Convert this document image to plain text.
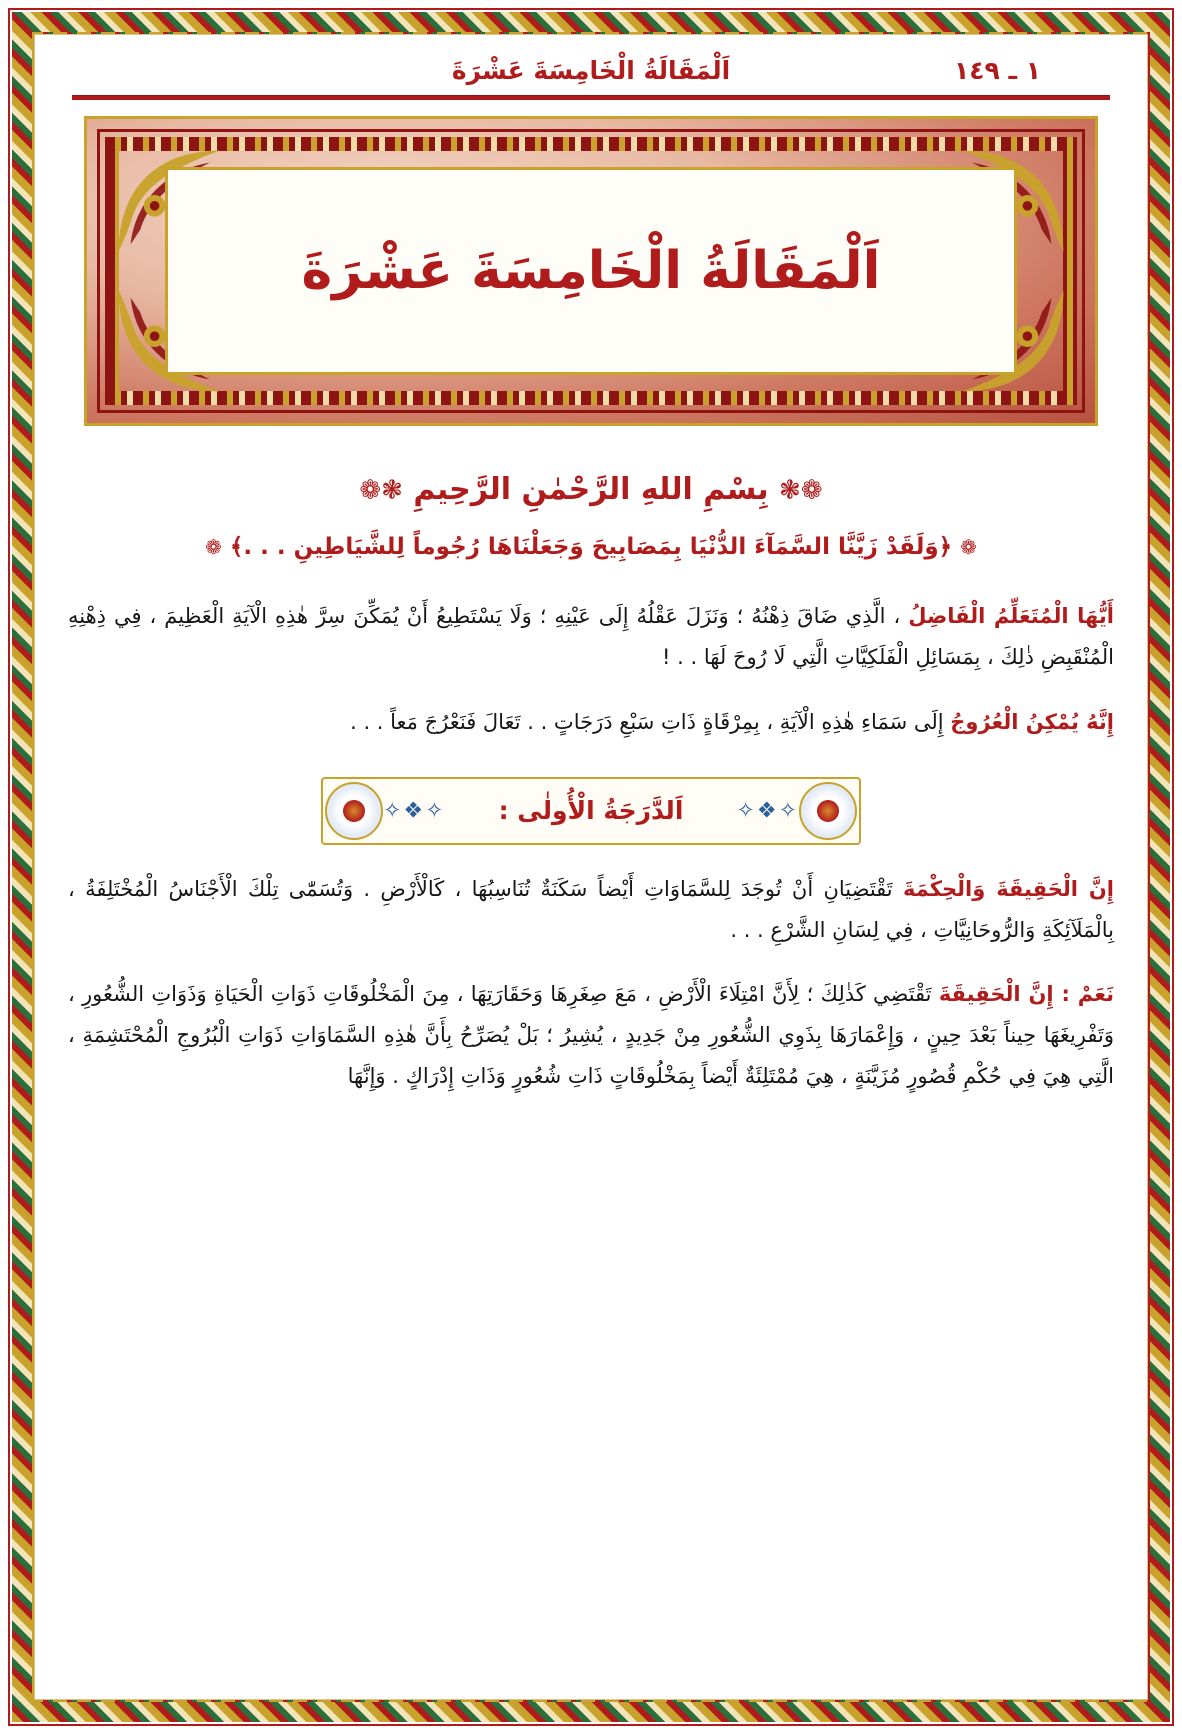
١ ـ ١٤٩
اَلْمَقَالَةُ الْخَامِسَةَ عَشْرَةَ
اَلْمَقَالَةُ الْخَامِسَةَ عَشْرَةَ
❁❃ بِسْمِ اللهِ الرَّحْمٰنِ الرَّحِيمِ ❃❁
❁ ﴿وَلَقَدْ زَيَّنَّا السَّمَآءَ الدُّنْيَا بِمَصَابِيحَ وَجَعَلْنَاهَا رُجُوماً لِلشَّيَاطِينِ . . .﴾ ❁

أَيُّهَا الْمُتَعَلِّمُ الْفَاضِلُ ، الَّذِي ضَاقَ ذِهْنُهُ ؛ وَنَزَلَ عَقْلُهُ إِلَى عَيْنِهِ ؛ وَلَا يَسْتَطِيعُ أَنْ يُمَكِّنَ سِرَّ هٰذِهِ الْآيَةِ الْعَظِيمَ ، فِي ذِهْنِهِ الْمُنْقَبِضِ ذٰلِكَ ، بِمَسَائِلِ الْفَلَكِيَّاتِ الَّتِي لَا رُوحَ لَهَا . . !

إِنَّهُ يُمْكِنُ الْعُرُوجُ إِلَى سَمَاءِ هٰذِهِ الْآيَةِ ، بِمِرْقَاةٍ ذَاتِ سَبْعِ دَرَجَاتٍ . . تَعَالَ فَنَعْرُجَ مَعاً . . .

✧❖✧
اَلدَّرَجَةُ الْأُولٰى :
✧❖✧

إِنَّ الْحَقِيقَةَ وَالْحِكْمَةَ تَقْتَضِيَانِ أَنْ تُوجَدَ لِلسَّمَاوَاتِ أَيْضاً سَكَنَةٌ تُنَاسِبُهَا ، كَالْأَرْضِ . وَتُسَمّٰى تِلْكَ الْأَجْنَاسُ الْمُخْتَلِفَةُ ، بِالْمَلَآئِكَةِ وَالرُّوحَانِيَّاتِ ، فِي لِسَانِ الشَّرْعِ . . .

نَعَمْ : إِنَّ الْحَقِيقَةَ تَقْتَضِي كَذٰلِكَ ؛ لِأَنَّ امْتِلَاءَ الْأَرْضِ ، مَعَ صِغَرِهَا وَحَقَارَتِهَا ، مِنَ الْمَخْلُوقَاتِ ذَوَاتِ الْحَيَاةِ وَذَوَاتِ الشُّعُورِ ، وَتَفْرِيغَهَا حِيناً بَعْدَ حِينٍ ، وَإِعْمَارَهَا بِذَوِي الشُّعُورِ مِنْ جَدِيدٍ ، يُشِيرُ ؛ بَلْ يُصَرِّحُ بِأَنَّ هٰذِهِ السَّمَاوَاتِ ذَوَاتِ الْبُرُوجِ الْمُحْتَشِمَةِ ، الَّتِي هِيَ فِي حُكْمِ قُصُورٍ مُزَيَّنَةٍ ، هِيَ مُمْتَلِئَةٌ أَيْضاً بِمَخْلُوقَاتٍ ذَاتِ شُعُورٍ وَذَاتِ إِدْرَاكٍ . وَإِنَّهَا
